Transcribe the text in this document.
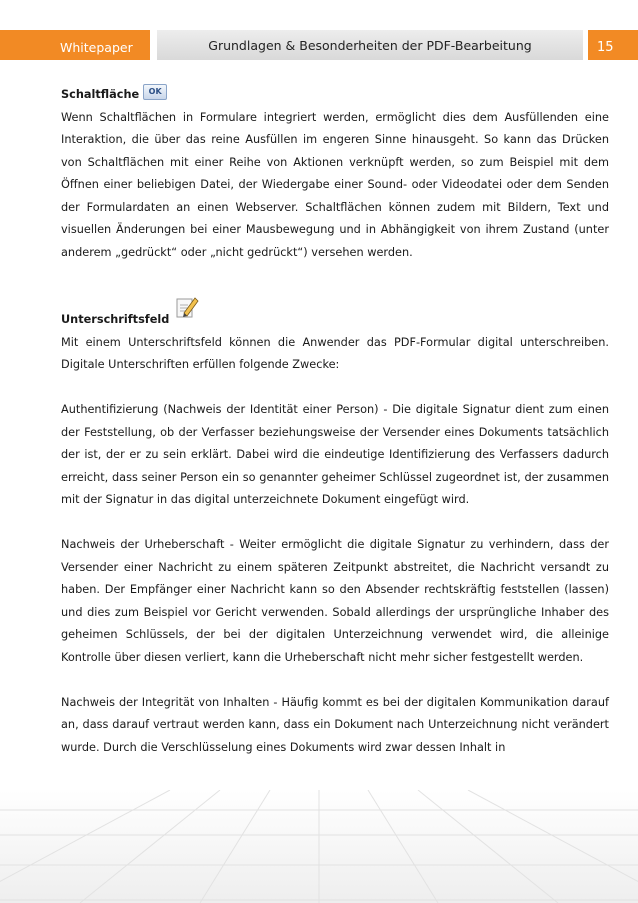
Whitepaper	Grundlagen & Besonderheiten der PDF-Bearbeitung	15
Schaltfläche	OK

Wenn Schaltflächen in Formulare integriert werden, ermöglicht dies dem Ausfüllenden eine Interaktion, die über das reine Ausfüllen im engeren Sinne hinausgeht. So kann das Drücken von Schaltflächen mit einer Reihe von Aktionen verknüpft werden, so zum Beispiel mit dem Öffnen einer beliebigen Datei, der Wiedergabe einer Sound- oder Videodatei oder dem Senden der Formulardaten an einen Webserver. Schaltflächen können zudem mit Bildern, Text und visuellen Änderungen bei einer Mausbewegung und in Abhängigkeit von ihrem Zustand (unter anderem „gedrückt“ oder „nicht gedrückt“) versehen werden.

Unterschriftsfeld

Mit einem Unterschriftsfeld können die Anwender das PDF-Formular digital unterschreiben. Digitale Unterschriften erfüllen folgende Zwecke:

Authentifizierung (Nachweis der Identität einer Person) - Die digitale Signatur dient zum einen der Feststellung, ob der Verfasser beziehungsweise der Versender eines Dokuments tatsächlich der ist, der er zu sein erklärt. Dabei wird die eindeutige Identifizierung des Verfassers dadurch erreicht, dass seiner Person ein so genannter geheimer Schlüssel zugeordnet ist, der zusammen mit der Signatur in das digital unterzeichnete Dokument eingefügt wird.

Nachweis der Urheberschaft - Weiter ermöglicht die digitale Signatur zu verhindern, dass der Versender einer Nachricht zu einem späteren Zeitpunkt abstreitet, die Nachricht versandt zu haben. Der Empfänger einer Nachricht kann so den Absender rechtskräftig feststellen (lassen) und dies zum Beispiel vor Gericht verwenden. Sobald allerdings der ursprüngliche Inhaber des geheimen Schlüssels, der bei der digitalen Unterzeichnung verwendet wird, die alleinige Kontrolle über diesen verliert, kann die Urheberschaft nicht mehr sicher festgestellt werden.

Nachweis der Integrität von Inhalten - Häufig kommt es bei der digitalen Kommunikation darauf an, dass darauf vertraut werden kann, dass ein Dokument nach Unterzeichnung nicht verändert wurde. Durch die Verschlüsselung eines Dokuments wird zwar dessen Inhalt in
